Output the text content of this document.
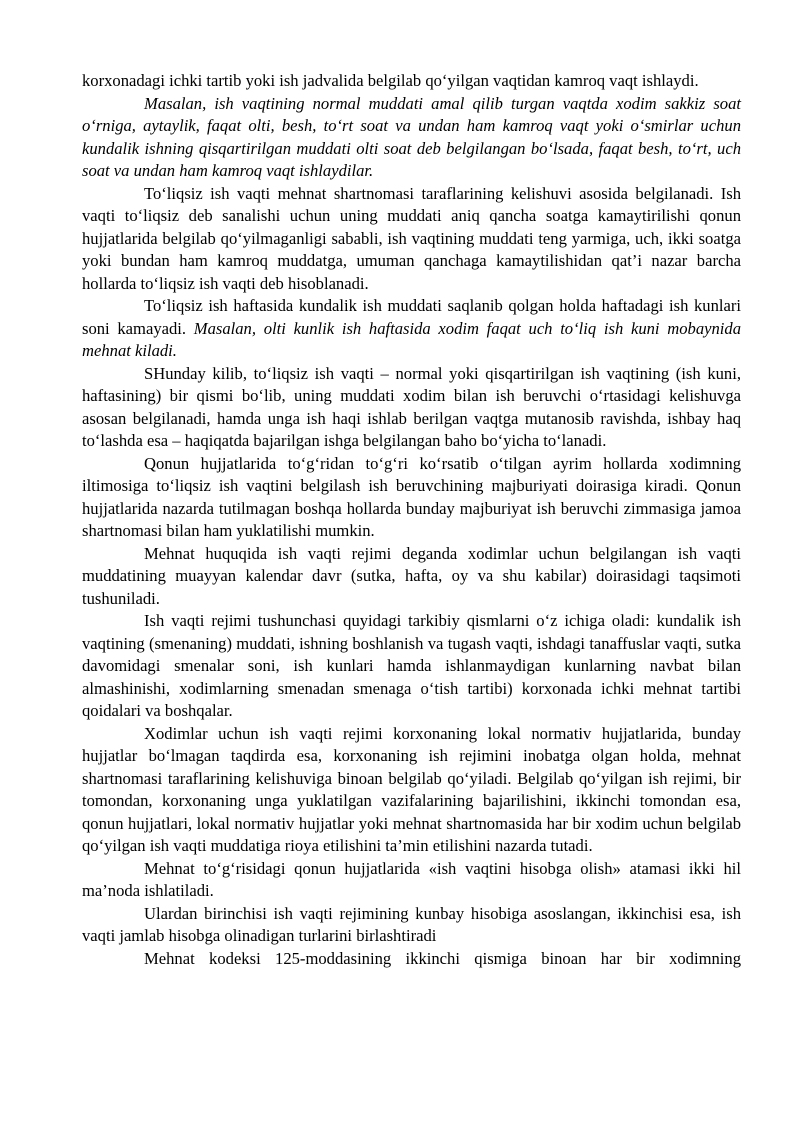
korxonadagi ichki tartib yoki ish jadvalida belgilab qo‘yilgan vaqtidan kamroq vaqt ishlaydi.

Masalan, ish vaqtining normal muddati amal qilib turgan vaqtda xodim sakkiz soat o‘rniga, aytaylik, faqat olti, besh, to‘rt soat va undan ham kamroq vaqt yoki o‘smirlar uchun kundalik ishning qisqartirilgan muddati olti soat deb belgilangan bo‘lsada, faqat besh, to‘rt, uch soat va undan ham kamroq vaqt ishlaydilar.

To‘liqsiz ish vaqti mehnat shartnomasi taraflarining kelishuvi asosida belgilanadi. Ish vaqti to‘liqsiz deb sanalishi uchun uning muddati aniq qancha soatga kamaytirilishi qonun hujjatlarida belgilab qo‘yilmaganligi sababli, ish vaqtining muddati teng yarmiga, uch, ikki soatga yoki bundan ham kamroq muddatga, umuman qanchaga kamaytilishidan qat’i nazar barcha hollarda to‘liqsiz ish vaqti deb hisoblanadi.

To‘liqsiz ish haftasida kundalik ish muddati saqlanib qolgan holda haftadagi ish kunlari soni kamayadi. Masalan, olti kunlik ish haftasida xodim faqat uch to‘liq ish kuni mobaynida mehnat kiladi.

SHunday kilib, to‘liqsiz ish vaqti – normal yoki qisqartirilgan ish vaqtining (ish kuni, haftasining) bir qismi bo‘lib, uning muddati xodim bilan ish beruvchi o‘rtasidagi kelishuvga asosan belgilanadi, hamda unga ish haqi ishlab berilgan vaqtga mutanosib ravishda, ishbay haq to‘lashda esa – haqiqatda bajarilgan ishga belgilangan baho bo‘yicha to‘lanadi.

Qonun hujjatlarida to‘g‘ridan to‘g‘ri ko‘rsatib o‘tilgan ayrim hollarda xodimning iltimosiga to‘liqsiz ish vaqtini belgilash ish beruvchining majburiyati doirasiga kiradi. Qonun hujjatlarida nazarda tutilmagan boshqa hollarda bunday majburiyat ish beruvchi zimmasiga jamoa shartnomasi bilan ham yuklatilishi mumkin.

Mehnat huquqida ish vaqti rejimi deganda xodimlar uchun belgilangan ish vaqti muddatining muayyan kalendar davr (sutka, hafta, oy va shu kabilar) doirasidagi taqsimoti tushuniladi.

Ish vaqti rejimi tushunchasi quyidagi tarkibiy qismlarni o‘z ichiga oladi: kundalik ish vaqtining (smenaning) muddati, ishning boshlanish va tugash vaqti, ishdagi tanaffuslar vaqti, sutka davomidagi smenalar soni, ish kunlari hamda ishlanmaydigan kunlarning navbat bilan almashinishi, xodimlarning smenadan smenaga o‘tish tartibi) korxonada ichki mehnat tartibi qoidalari va boshqalar.

Xodimlar uchun ish vaqti rejimi korxonaning lokal normativ hujjatlarida, bunday hujjatlar bo‘lmagan taqdirda esa, korxonaning ish rejimini inobatga olgan holda, mehnat shartnomasi taraflarining kelishuviga binoan belgilab qo‘yiladi. Belgilab qo‘yilgan ish rejimi, bir tomondan, korxonaning unga yuklatilgan vazifalarining bajarilishini, ikkinchi tomondan esa, qonun hujjatlari, lokal normativ hujjatlar yoki mehnat shartnomasida har bir xodim uchun belgilab qo‘yilgan ish vaqti muddatiga rioya etilishini ta’min etilishini nazarda tutadi.

Mehnat to‘g‘risidagi qonun hujjatlarida «ish vaqtini hisobga olish» atamasi ikki hil ma’noda ishlatiladi.

Ulardan birinchisi ish vaqti rejimining kunbay hisobiga asoslangan, ikkinchisi esa, ish vaqti jamlab hisobga olinadigan turlarini birlashtiradi

Mehnat kodeksi 125-moddasining ikkinchi qismiga binoan har bir xodimning
